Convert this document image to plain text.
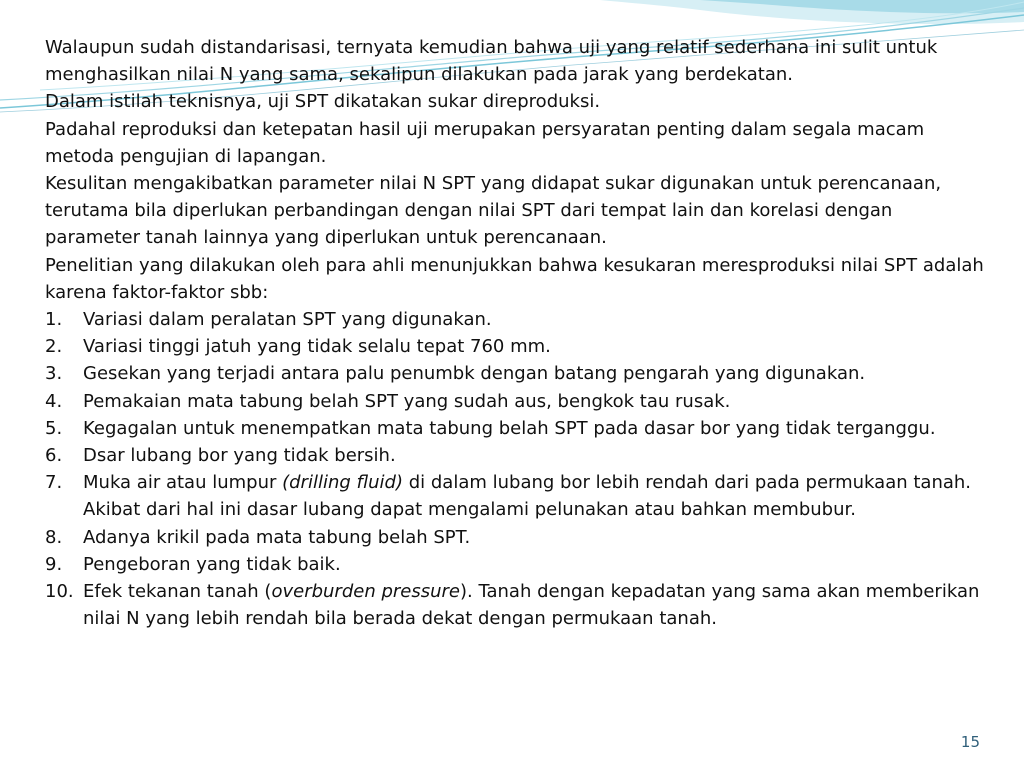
Walaupun sudah distandarisasi, ternyata kemudian bahwa uji yang relatif sederhana ini sulit untuk menghasilkan nilai N yang sama, sekalipun dilakukan pada jarak yang berdekatan.

Dalam istilah teknisnya, uji SPT dikatakan sukar direproduksi.

Padahal reproduksi dan ketepatan hasil uji merupakan persyaratan penting dalam segala macam metoda pengujian di lapangan.

Kesulitan mengakibatkan parameter nilai N SPT yang didapat sukar digunakan untuk perencanaan, terutama bila diperlukan perbandingan dengan nilai SPT dari tempat lain dan korelasi dengan parameter tanah lainnya yang diperlukan untuk perencanaan.

Penelitian yang dilakukan oleh para ahli menunjukkan bahwa kesukaran meresproduksi nilai SPT adalah karena faktor-faktor sbb:

1. Variasi dalam peralatan SPT yang digunakan.
2. Variasi tinggi jatuh yang tidak selalu tepat 760 mm.
3. Gesekan yang terjadi antara palu penumbk dengan batang pengarah yang digunakan.
4. Pemakaian mata tabung belah SPT yang sudah aus, bengkok tau rusak.
5. Kegagalan untuk menempatkan mata tabung belah SPT pada dasar bor yang tidak terganggu.
6. Dsar lubang bor yang tidak bersih.
7. Muka air atau lumpur (drilling fluid) di dalam lubang bor lebih rendah dari pada permukaan tanah. Akibat dari hal ini dasar lubang dapat mengalami pelunakan atau bahkan membubur.
8. Adanya krikil pada mata tabung belah SPT.
9. Pengeboran yang tidak baik.
10. Efek tekanan tanah (overburden pressure). Tanah dengan kepadatan yang sama akan memberikan nilai N yang lebih rendah bila berada dekat dengan permukaan tanah.
15
